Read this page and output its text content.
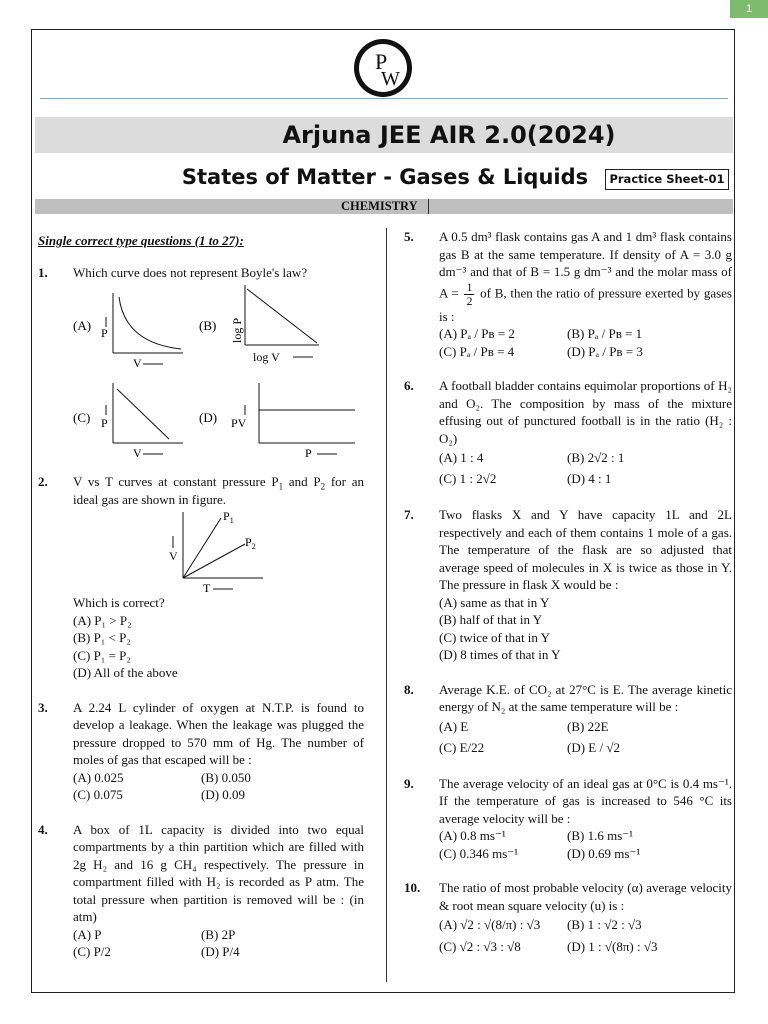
1
P
W
Arjuna JEE AIR 2.0(2024)
States of Matter - Gases & Liquids	Practice Sheet-01
CHEMISTRY
Single correct type questions (1 to 27):
1. Which curve does not represent Boyle's law?
(A) P
V
(B) log P
log V
(C) P
V
(D) PV
P
2. V vs T curves at constant pressure $P_1$ and $P_2$ for an ideal gas are shown in figure.
$P_1$
$P_2$
V
T
Which is correct?
(A) P₁ > P₂
(B) P₁ < P₂
(C) P₁ = P₂
(D) All of the above
3. A 2.24 L cylinder of oxygen at N.T.P. is found to develop a leakage. When the leakage was plugged the pressure dropped to 570 mm of Hg. The number of moles of gas that escaped will be :
(A) 0.025	(B) 0.050
(C) 0.075	(D) 0.09
4. A box of 1L capacity is divided into two equal compartments by a thin partition which are filled with 2g H₂ and 16 g CH₄ respectively. The pressure in compartment filled with H₂ is recorded as P atm. The total pressure when partition is removed will be : (in atm)
(A) P	(B) 2P
(C) P/2	(D) P/4
5. A 0.5 dm³ flask contains gas A and 1 dm³ flask contains gas B at the same temperature. If density of A = 3.0 g dm⁻³ and that of B = 1.5 g dm⁻³ and the molar mass of $A = \frac{1}{2}$ of B, then the ratio of pressure exerted by gases is :
(A) Pₐ / Pʙ = 2	(B) Pₐ / Pʙ = 1
(C) Pₐ / Pʙ = 4	(D) Pₐ / Pʙ = 3
6. A football bladder contains equimolar proportions of H₂ and O₂. The composition by mass of the mixture effusing out of punctured football is in the ratio (H₂ : O₂)
(A) 1 : 4	(B) 2√2 : 1
(C) 1 : 2√2	(D) 4 : 1
7. Two flasks X and Y have capacity 1L and 2L respectively and each of them contains 1 mole of a gas. The temperature of the flask are so adjusted that average speed of molecules in X is twice as those in Y. The pressure in flask X would be :
(A) same as that in Y
(B) half of that in Y
(C) twice of that in Y
(D) 8 times of that in Y
8. Average K.E. of CO₂ at 27°C is E. The average kinetic energy of N₂ at the same temperature will be :
(A) E	(B) 22E
(C) E/22	(D) E / √2
9. The average velocity of an ideal gas at 0°C is 0.4 ms⁻¹. If the temperature of gas is increased to 546 °C its average velocity will be :
(A) 0.8 ms⁻¹	(B) 1.6 ms⁻¹
(C) 0.346 ms⁻¹	(D) 0.69 ms⁻¹
10. The ratio of most probable velocity (α) average velocity & root mean square velocity (u) is :
(A) √2 : √(8/π) : √3	(B) 1 : √2 : √3
(C) √2 : √3 : √8	(D) 1 : √(8π) : √3
